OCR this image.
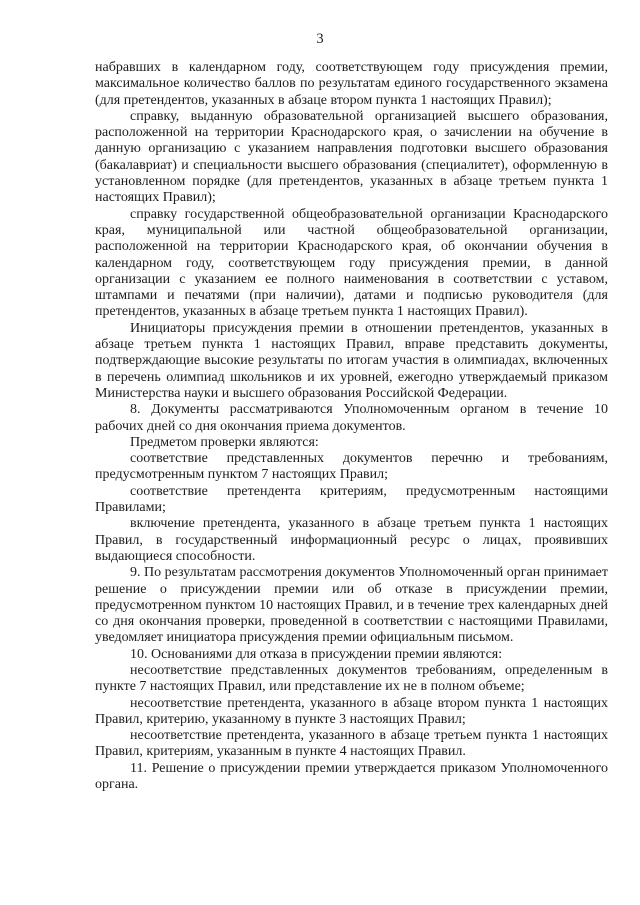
3

набравших в календарном году, соответствующем году присуждения премии, максимальное количество баллов по результатам единого государственного экзамена (для претендентов, указанных в абзаце втором пункта 1 настоящих Правил);

справку, выданную образовательной организацией высшего образования, расположенной на территории Краснодарского края, о зачислении на обучение в данную организацию с указанием направления подготовки высшего образования (бакалавриат) и специальности высшего образования (специалитет), оформленную в установленном порядке (для претендентов, указанных в абзаце третьем пункта 1 настоящих Правил);

справку государственной общеобразовательной организации Краснодарского края, муниципальной или частной общеобразовательной организации, расположенной на территории Краснодарского края, об окончании обучения в календарном году, соответствующем году присуждения премии, в данной организации с указанием ее полного наименования в соответствии с уставом, штампами и печатями (при наличии), датами и подписью руководителя (для претендентов, указанных в абзаце третьем пункта 1 настоящих Правил).

Инициаторы присуждения премии в отношении претендентов, указанных в абзаце третьем пункта 1 настоящих Правил, вправе представить документы, подтверждающие высокие результаты по итогам участия в олимпиадах, включенных в перечень олимпиад школьников и их уровней, ежегодно утверждаемый приказом Министерства науки и высшего образования Российской Федерации.

8. Документы рассматриваются Уполномоченным органом в течение 10 рабочих дней со дня окончания приема документов.

Предметом проверки являются:

соответствие представленных документов перечню и требованиям, предусмотренным пунктом 7 настоящих Правил;

соответствие претендента критериям, предусмотренным настоящими Правилами;

включение претендента, указанного в абзаце третьем пункта 1 настоящих Правил, в государственный информационный ресурс о лицах, проявивших выдающиеся способности.

9. По результатам рассмотрения документов Уполномоченный орган принимает решение о присуждении премии или об отказе в присуждении премии, предусмотренном пунктом 10 настоящих Правил, и в течение трех календарных дней со дня окончания проверки, проведенной в соответствии с настоящими Правилами, уведомляет инициатора присуждения премии официальным письмом.

10. Основаниями для отказа в присуждении премии являются:

несоответствие представленных документов требованиям, определенным в пункте 7 настоящих Правил, или представление их не в полном объеме;

несоответствие претендента, указанного в абзаце втором пункта 1 настоящих Правил, критерию, указанному в пункте 3 настоящих Правил;

несоответствие претендента, указанного в абзаце третьем пункта 1 настоящих Правил, критериям, указанным в пункте 4 настоящих Правил.

11. Решение о присуждении премии утверждается приказом Уполномоченного органа.
